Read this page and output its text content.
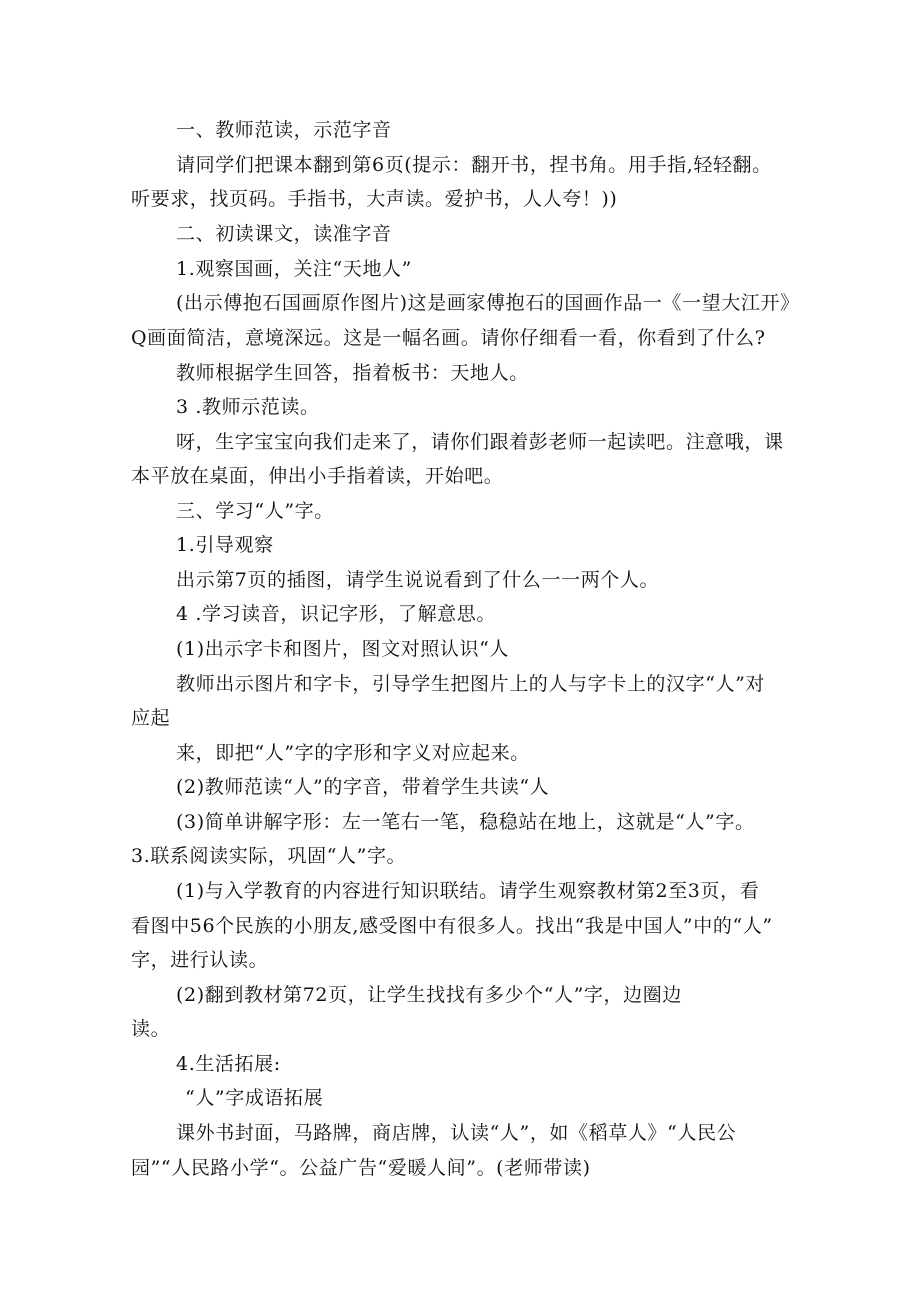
一、教师范读，示范字音
请同学们把课本翻到第6页(提示：翻开书，捏书角。用手指,轻轻翻。
听要求，找页码。手指书，大声读。爱护书，人人夸！))
二、初读课文，读准字音
1.观察国画，关注“天地人”
(出示傅抱石国画原作图片)这是画家傅抱石的国画作品一《一望大江开》
Q画面简洁，意境深远。这是一幅名画。请你仔细看一看，你看到了什么?
教师根据学生回答，指着板书：天地人。
3 .教师示范读。
呀，生字宝宝向我们走来了，请你们跟着彭老师一起读吧。注意哦，课
本平放在桌面，伸出小手指着读，开始吧。
三、学习“人”字。
1.引导观察
出示第7页的插图，请学生说说看到了什么一一两个人。
4 .学习读音，识记字形，了解意思。
(1)出示字卡和图片，图文对照认识“人
教师出示图片和字卡，引导学生把图片上的人与字卡上的汉字“人”对
应起
来，即把“人”字的字形和字义对应起来。
(2)教师范读“人”的字音，带着学生共读“人
(3)简单讲解字形：左一笔右一笔，稳稳站在地上，这就是“人”字。
3.联系阅读实际，巩固“人”字。
(1)与入学教育的内容进行知识联结。请学生观察教材第2至3页，看
看图中56个民族的小朋友,感受图中有很多人。找出“我是中国人”中的“人”
字，进行认读。
(2)翻到教材第72页，让学生找找有多少个“人”字，边圈边
读。
4.生活拓展:
“人”字成语拓展
课外书封面，马路牌，商店牌，认读“人”，如《稻草人》“人民公
园”“人民路小学“。公益广告“爱暖人间”。(老师带读)
